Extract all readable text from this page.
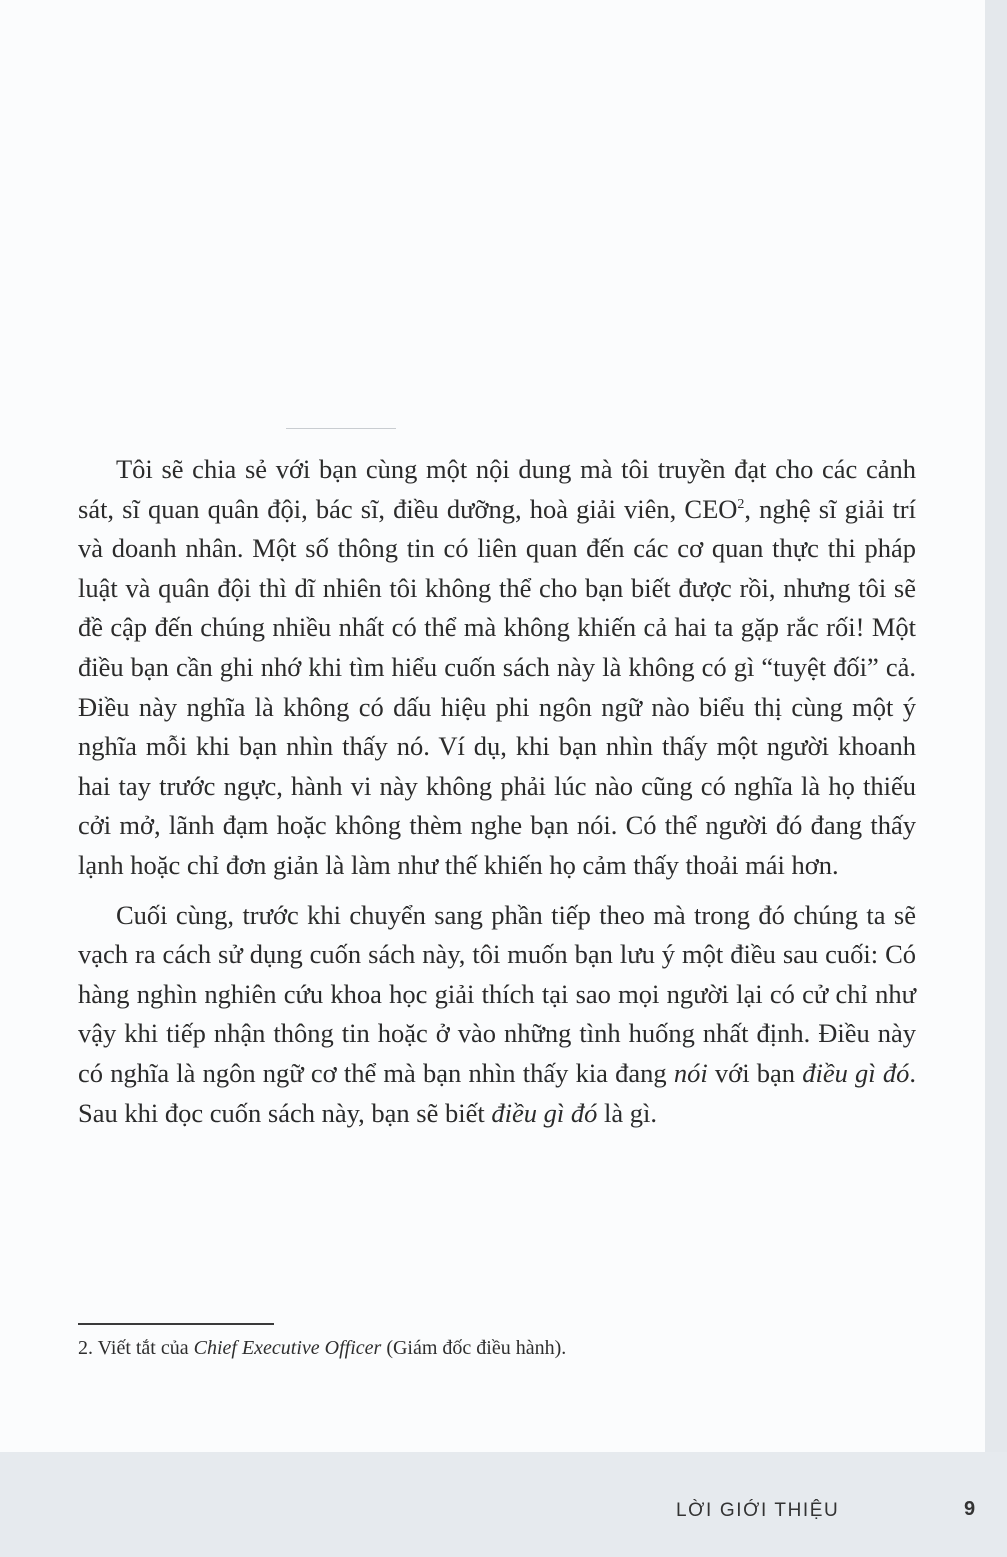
Tôi sẽ chia sẻ với bạn cùng một nội dung mà tôi truyền đạt cho các cảnh sát, sĩ quan quân đội, bác sĩ, điều dưỡng, hoà giải viên, CEO$^2$, nghệ sĩ giải trí và doanh nhân. Một số thông tin có liên quan đến các cơ quan thực thi pháp luật và quân đội thì dĩ nhiên tôi không thể cho bạn biết được rồi, nhưng tôi sẽ đề cập đến chúng nhiều nhất có thể mà không khiến cả hai ta gặp rắc rối! Một điều bạn cần ghi nhớ khi tìm hiểu cuốn sách này là không có gì “tuyệt đối” cả. Điều này nghĩa là không có dấu hiệu phi ngôn ngữ nào biểu thị cùng một ý nghĩa mỗi khi bạn nhìn thấy nó. Ví dụ, khi bạn nhìn thấy một người khoanh hai tay trước ngực, hành vi này không phải lúc nào cũng có nghĩa là họ thiếu cởi mở, lãnh đạm hoặc không thèm nghe bạn nói. Có thể người đó đang thấy lạnh hoặc chỉ đơn giản là làm như thế khiến họ cảm thấy thoải mái hơn.

Cuối cùng, trước khi chuyển sang phần tiếp theo mà trong đó chúng ta sẽ vạch ra cách sử dụng cuốn sách này, tôi muốn bạn lưu ý một điều sau cuối: Có hàng nghìn nghiên cứu khoa học giải thích tại sao mọi người lại có cử chỉ như vậy khi tiếp nhận thông tin hoặc ở vào những tình huống nhất định. Điều này có nghĩa là ngôn ngữ cơ thể mà bạn nhìn thấy kia đang nói với bạn điều gì đó. Sau khi đọc cuốn sách này, bạn sẽ biết điều gì đó là gì.

2. Viết tắt của Chief Executive Officer (Giám đốc điều hành).
LỜI GIỚI THIỆU	9
